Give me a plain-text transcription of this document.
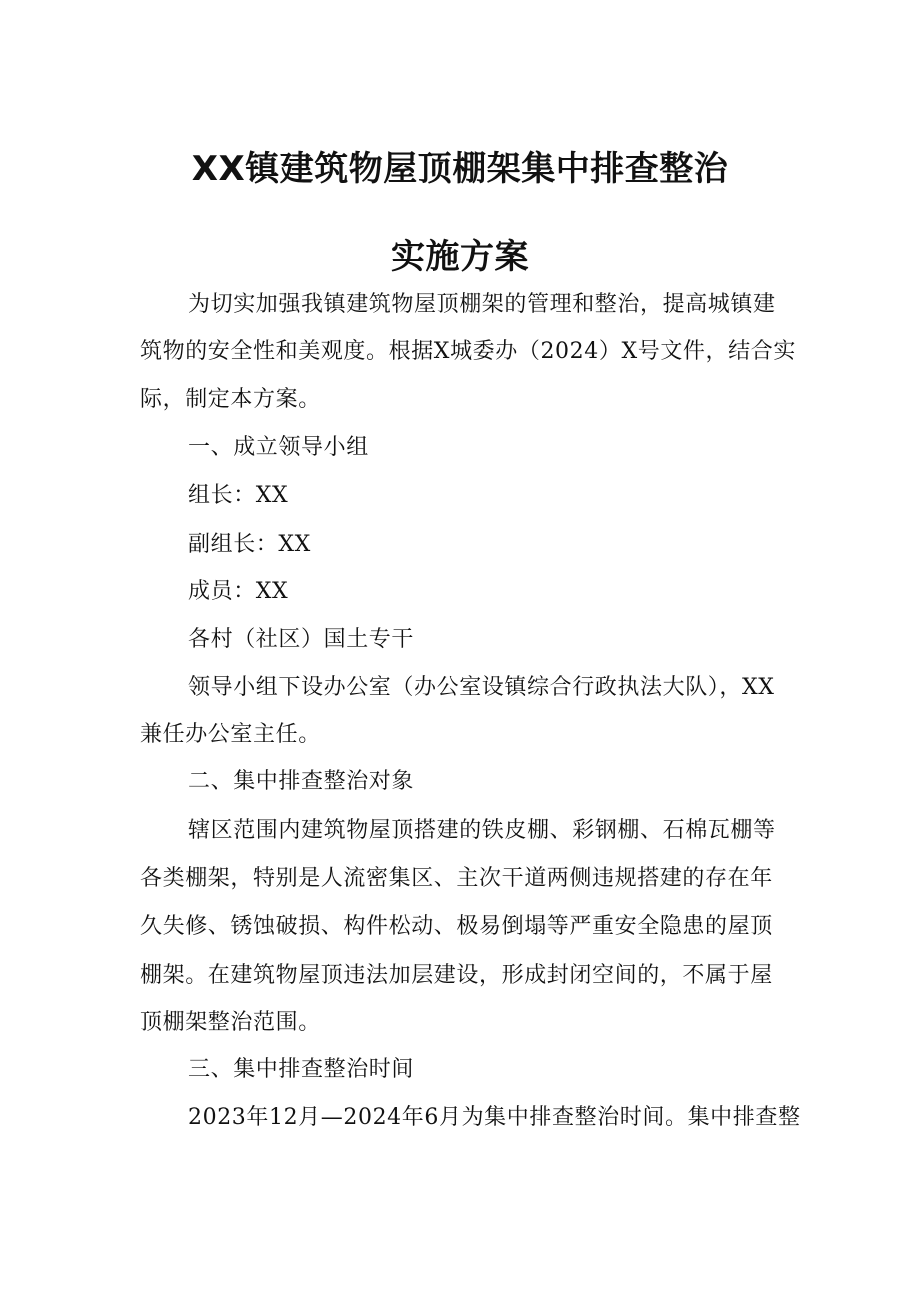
XX镇建筑物屋顶棚架集中排查整治
实施方案
为切实加强我镇建筑物屋顶棚架的管理和整治，提高城镇建
筑物的安全性和美观度。根据X城委办（2024）X号文件，结合实
际，制定本方案。
一、成立领导小组
组长：XX
副组长：XX
成员：XX
各村（社区）国土专干
领导小组下设办公室（办公室设镇综合行政执法大队），XX
兼任办公室主任。
二、集中排查整治对象
辖区范围内建筑物屋顶搭建的铁皮棚、彩钢棚、石棉瓦棚等
各类棚架，特别是人流密集区、主次干道两侧违规搭建的存在年
久失修、锈蚀破损、构件松动、极易倒塌等严重安全隐患的屋顶
棚架。在建筑物屋顶违法加层建设，形成封闭空间的，不属于屋
顶棚架整治范围。
三、集中排查整治时间
2023年12月—2024年6月为集中排查整治时间。集中排查整
